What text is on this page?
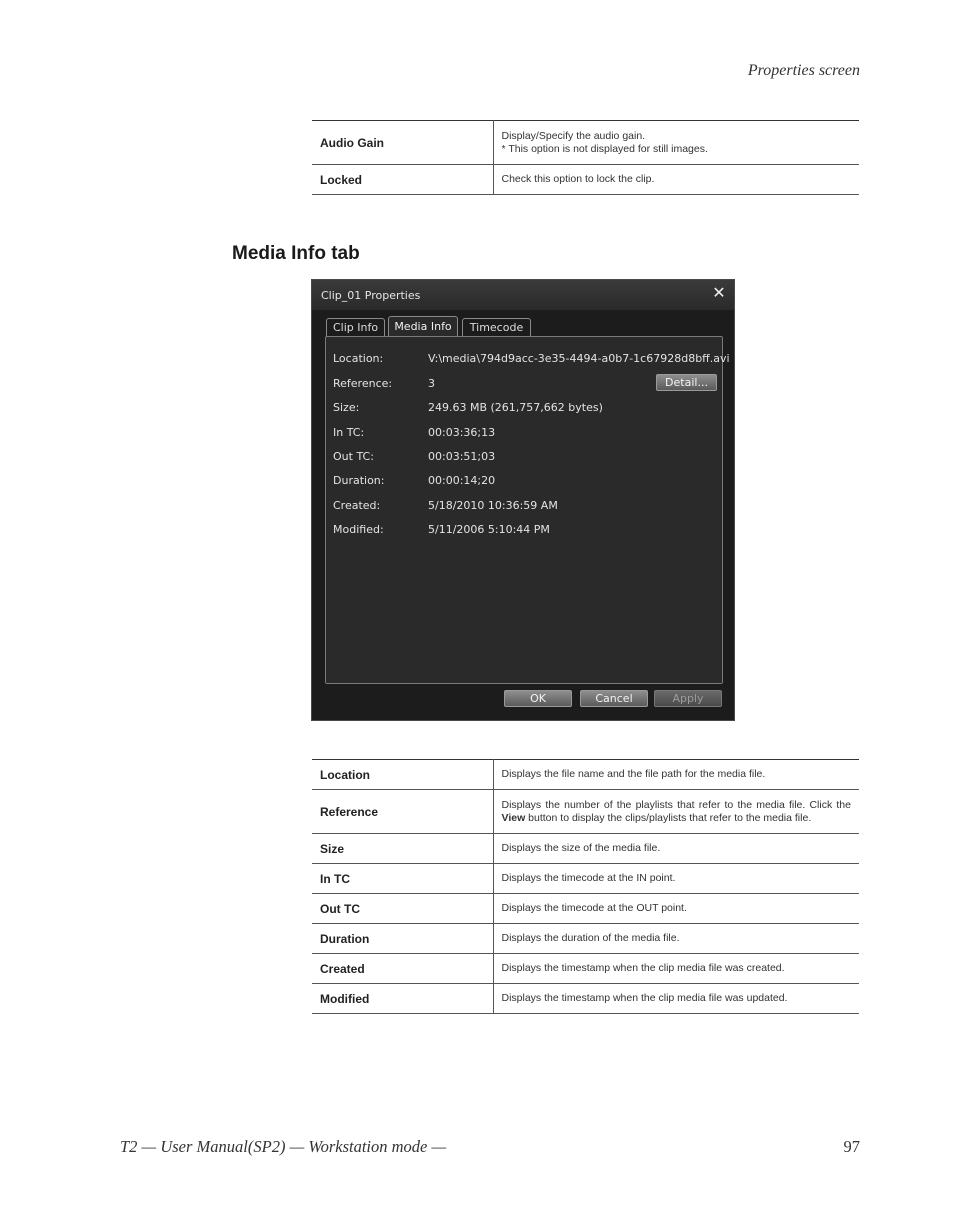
Properties screen
Audio Gain	Display/Specify the audio gain.
* This option is not displayed for still images.

Locked	Check this option to lock the clip.
Media Info tab
Clip_01 Properties	✕
Clip Info	Media Info	Timecode
Location:	V:\media\794d9acc-3e35-4494-a0b7-1c67928d8bff.avi
Reference:	3	Detail...
Size:	249.63 MB (261,757,662 bytes)
In TC:	00:03:36;13
Out TC:	00:03:51;03
Duration:	00:00:14;20
Created:	5/18/2010 10:36:59 AM
Modified:	5/11/2006 5:10:44 PM
OK	Cancel	Apply
Location	Displays the file name and the file path for the media file.
Reference	Displays the number of the playlists that refer to the media file. Click the View button to display the clips/playlists that refer to the media file.
Size	Displays the size of the media file.
In TC	Displays the timecode at the IN point.
Out TC	Displays the timecode at the OUT point.
Duration	Displays the duration of the media file.
Created	Displays the timestamp when the clip media file was created.
Modified	Displays the timestamp when the clip media file was updated.
T2 — User Manual(SP2) — Workstation mode —	97
